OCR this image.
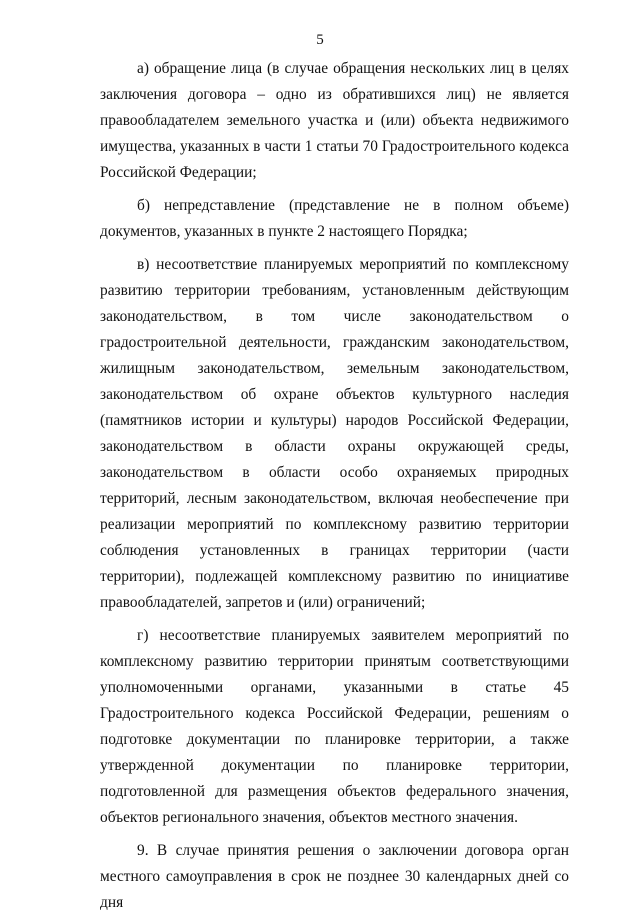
5

а) обращение лица (в случае обращения нескольких лиц в целях заключения договора – одно из обратившихся лиц) не является правообладателем земельного участка и (или) объекта недвижимого имущества, указанных в части 1 статьи 70 Градостроительного кодекса Российской Федерации;

б) непредставление (представление не в полном объеме) документов, указанных в пункте 2 настоящего Порядка;

в) несоответствие планируемых мероприятий по комплексному развитию территории требованиям, установленным действующим законодательством, в том числе законодательством о градостроительной деятельности, гражданским законодательством, жилищным законодательством, земельным законодательством, законодательством об охране объектов культурного наследия (памятников истории и культуры) народов Российской Федерации, законодательством в области охраны окружающей среды, законодательством в области особо охраняемых природных территорий, лесным законодательством, включая необеспечение при реализации мероприятий по комплексному развитию территории соблюдения установленных в границах территории (части территории), подлежащей комплексному развитию по инициативе правообладателей, запретов и (или) ограничений;

г) несоответствие планируемых заявителем мероприятий по комплексному развитию территории принятым соответствующими уполномоченными органами, указанными в статье 45 Градостроительного кодекса Российской Федерации, решениям о подготовке документации по планировке территории, а также утвержденной документации по планировке территории, подготовленной для размещения объектов федерального значения, объектов регионального значения, объектов местного значения.

9. В случае принятия решения о заключении договора орган местного самоуправления в срок не позднее 30 календарных дней со дня
